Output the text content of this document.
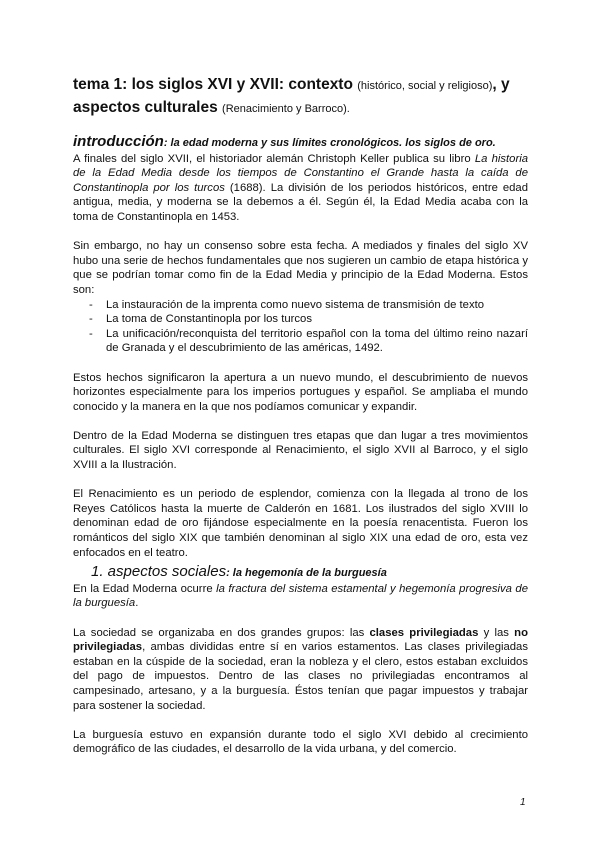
tema 1: los siglos XVI y XVII: contexto (histórico, social y religioso), y aspectos culturales (Renacimiento y Barroco).

introducción: la edad moderna y sus límites cronológicos. los siglos de oro.

A finales del siglo XVII, el historiador alemán Christoph Keller publica su libro La historia de la Edad Media desde los tiempos de Constantino el Grande hasta la caída de Constantinopla por los turcos (1688). La división de los periodos históricos, entre edad antigua, media, y moderna se la debemos a él. Según él, la Edad Media acaba con la toma de Constantinopla en 1453.

Sin embargo, no hay un consenso sobre esta fecha. A mediados y finales del siglo XV hubo una serie de hechos fundamentales que nos sugieren un cambio de etapa histórica y que se podrían tomar como fin de la Edad Media y principio de la Edad Moderna. Estos son:

- La instauración de la imprenta como nuevo sistema de transmisión de texto
- La toma de Constantinopla por los turcos
- La unificación/reconquista del territorio español con la toma del último reino nazarí de Granada y el descubrimiento de las américas, 1492.

Estos hechos significaron la apertura a un nuevo mundo, el descubrimiento de nuevos horizontes especialmente para los imperios portugues y español. Se ampliaba el mundo conocido y la manera en la que nos podíamos comunicar y expandir.

Dentro de la Edad Moderna se distinguen tres etapas que dan lugar a tres movimientos culturales. El siglo XVI corresponde al Renacimiento, el siglo XVII al Barroco, y el siglo XVIII a la Ilustración.

El Renacimiento es un periodo de esplendor, comienza con la llegada al trono de los Reyes Católicos hasta la muerte de Calderón en 1681. Los ilustrados del siglo XVIII lo denominan edad de oro fijándose especialmente en la poesía renacentista. Fueron los románticos del siglo XIX que también denominan al siglo XIX una edad de oro, esta vez enfocados en el teatro.

1. aspectos sociales: la hegemonía de la burguesía

En la Edad Moderna ocurre la fractura del sistema estamental y hegemonía progresiva de la burguesía.

La sociedad se organizaba en dos grandes grupos: las clases privilegiadas y las no privilegiadas, ambas divididas entre sí en varios estamentos. Las clases privilegiadas estaban en la cúspide de la sociedad, eran la nobleza y el clero, estos estaban excluidos del pago de impuestos. Dentro de las clases no privilegiadas encontramos al campesinado, artesano, y a la burguesía. Éstos tenían que pagar impuestos y trabajar para sostener la sociedad.

La burguesía estuvo en expansión durante todo el siglo XVI debido al crecimiento demográfico de las ciudades, el desarrollo de la vida urbana, y del comercio.

1
